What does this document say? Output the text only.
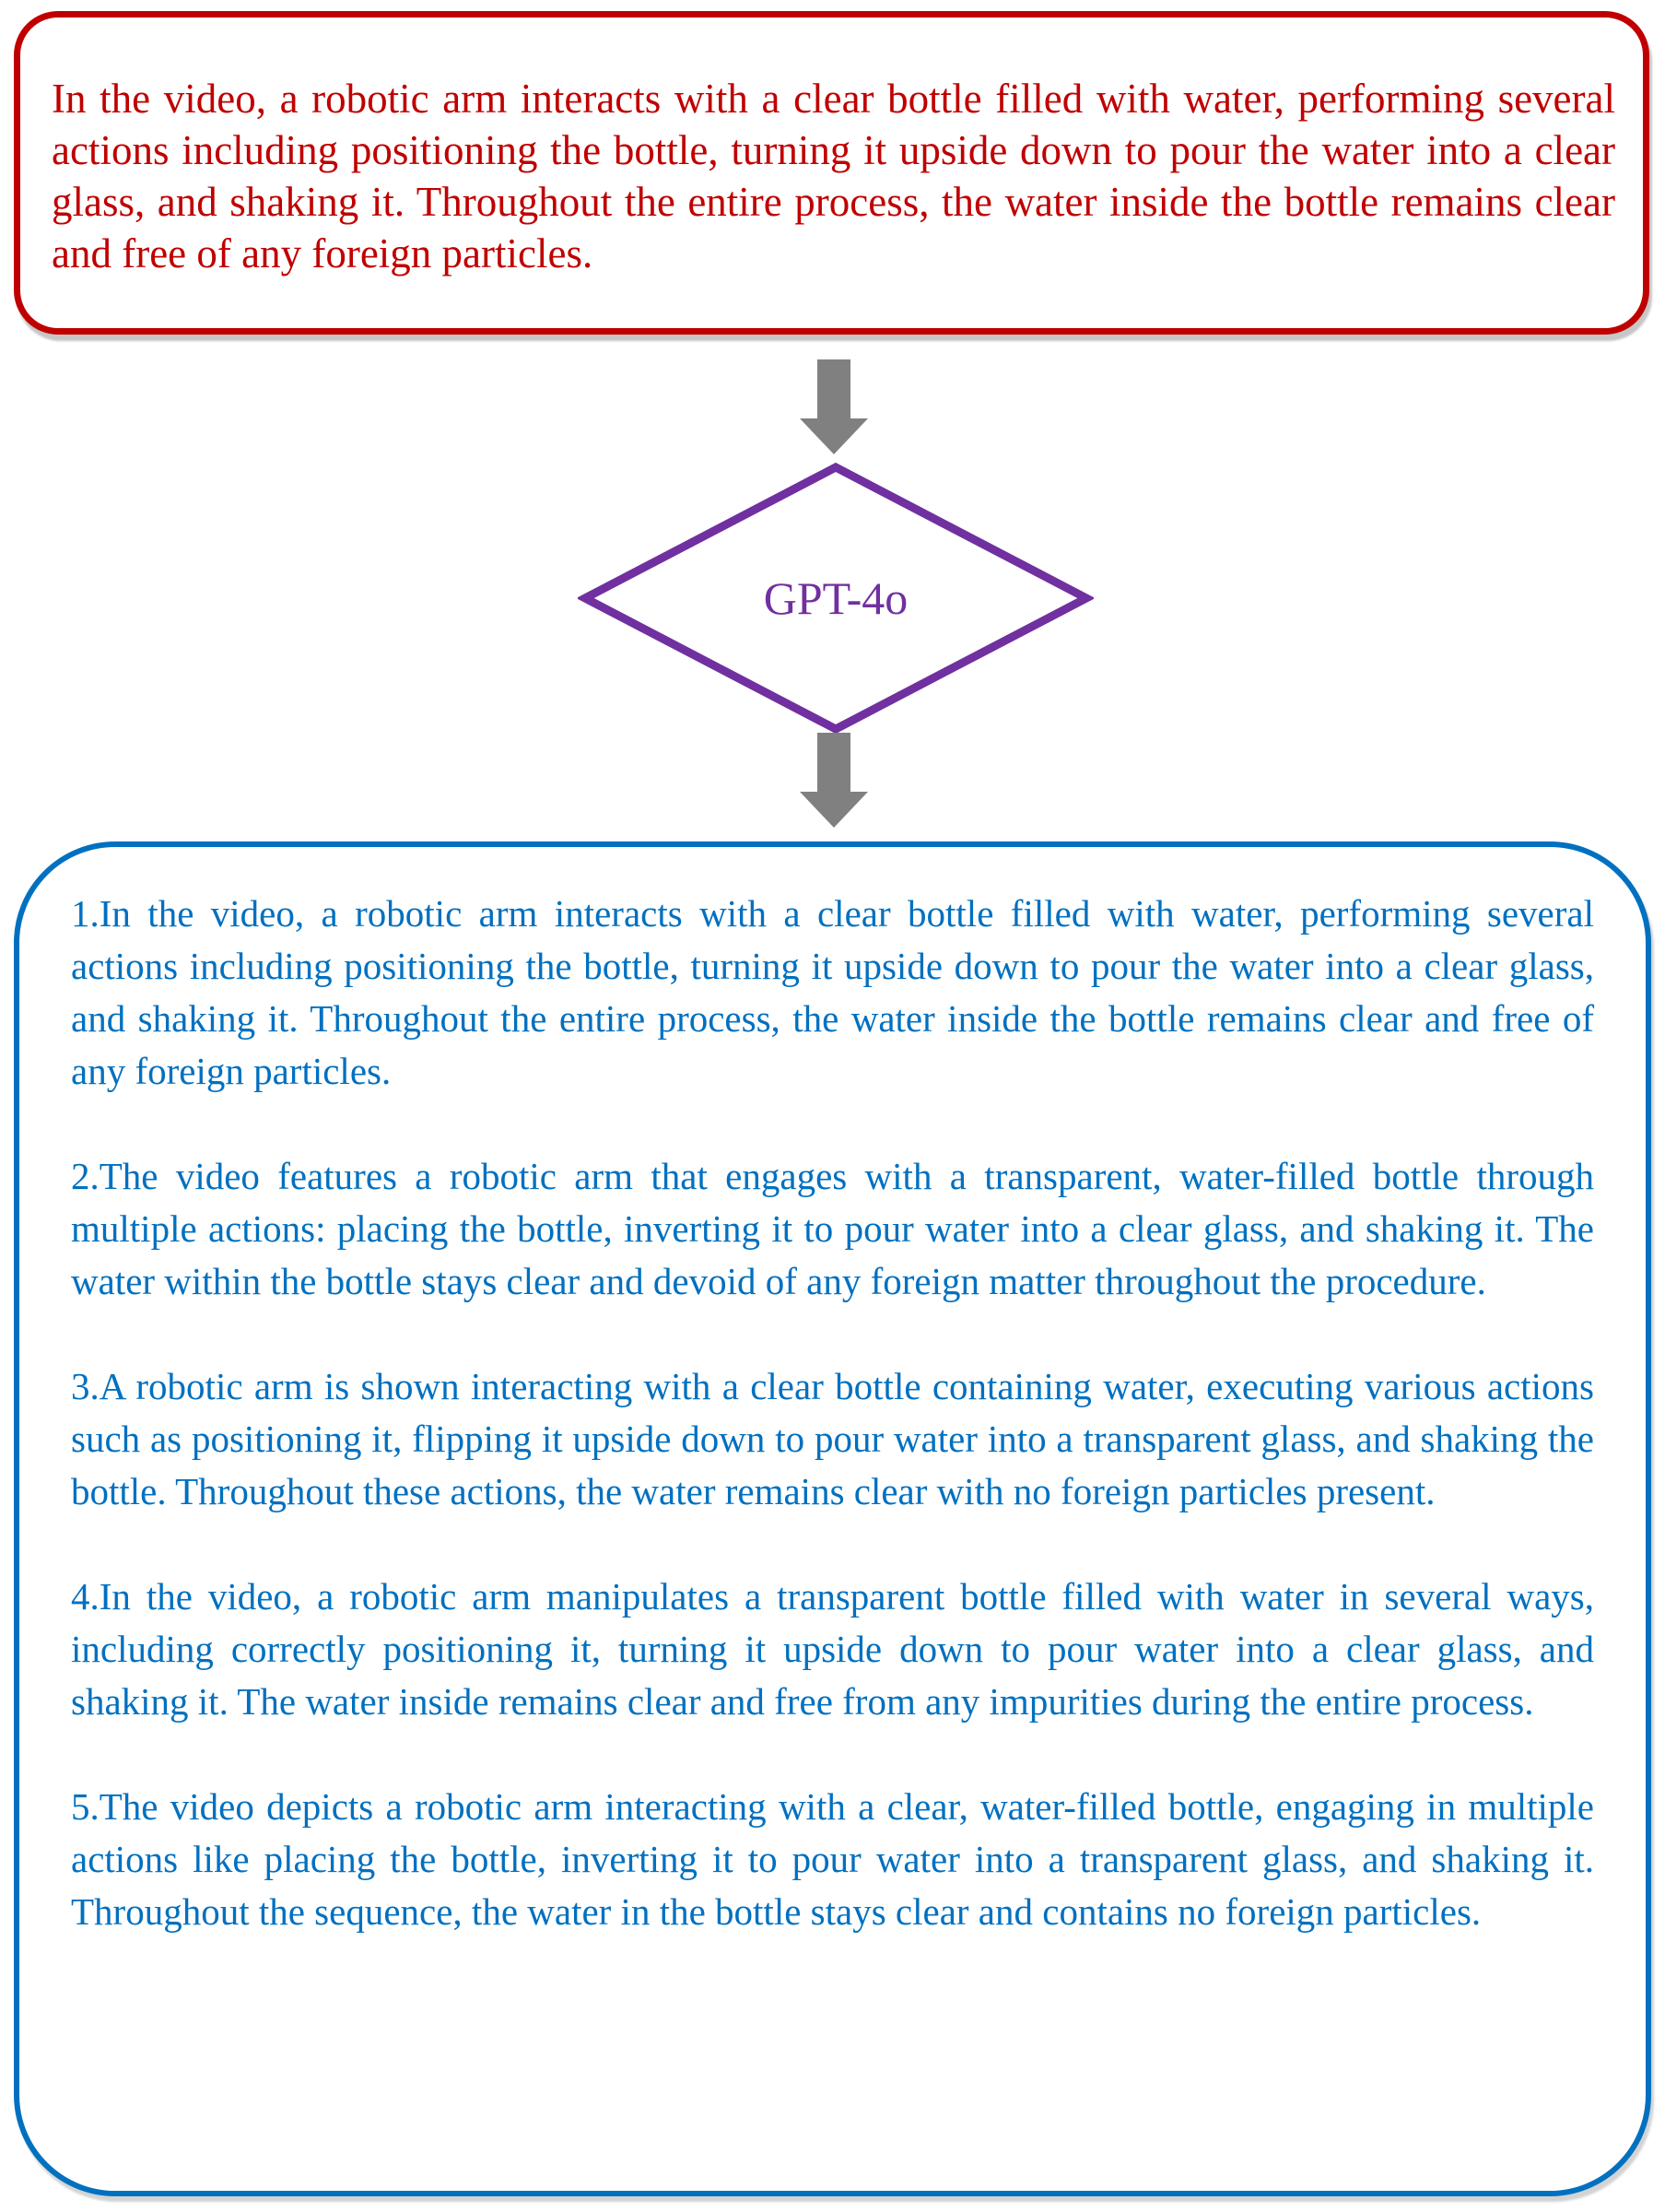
In the video, a robotic arm interacts with a clear bottle filled with water, performing several actions including positioning the bottle, turning it upside down to pour the water into a clear glass, and shaking it. Throughout the entire process, the water inside the bottle remains clear and free of any foreign particles.

GPT-4o

1.In the video, a robotic arm interacts with a clear bottle filled with water, performing several actions including positioning the bottle, turning it upside down to pour the water into a clear glass, and shaking it. Throughout the entire process, the water inside the bottle remains clear and free of any foreign particles.

2.The video features a robotic arm that engages with a transparent, water-filled bottle through multiple actions: placing the bottle, inverting it to pour water into a clear glass, and shaking it. The water within the bottle stays clear and devoid of any foreign matter throughout the procedure.

3.A robotic arm is shown interacting with a clear bottle containing water, executing various actions such as positioning it, flipping it upside down to pour water into a transparent glass, and shaking the bottle. Throughout these actions, the water remains clear with no foreign particles present.

4.In the video, a robotic arm manipulates a transparent bottle filled with water in several ways, including correctly positioning it, turning it upside down to pour water into a clear glass, and shaking it. The water inside remains clear and free from any impurities during the entire process.

5.The video depicts a robotic arm interacting with a clear, water-filled bottle, engaging in multiple actions like placing the bottle, inverting it to pour water into a transparent glass, and shaking it. Throughout the sequence, the water in the bottle stays clear and contains no foreign particles.
